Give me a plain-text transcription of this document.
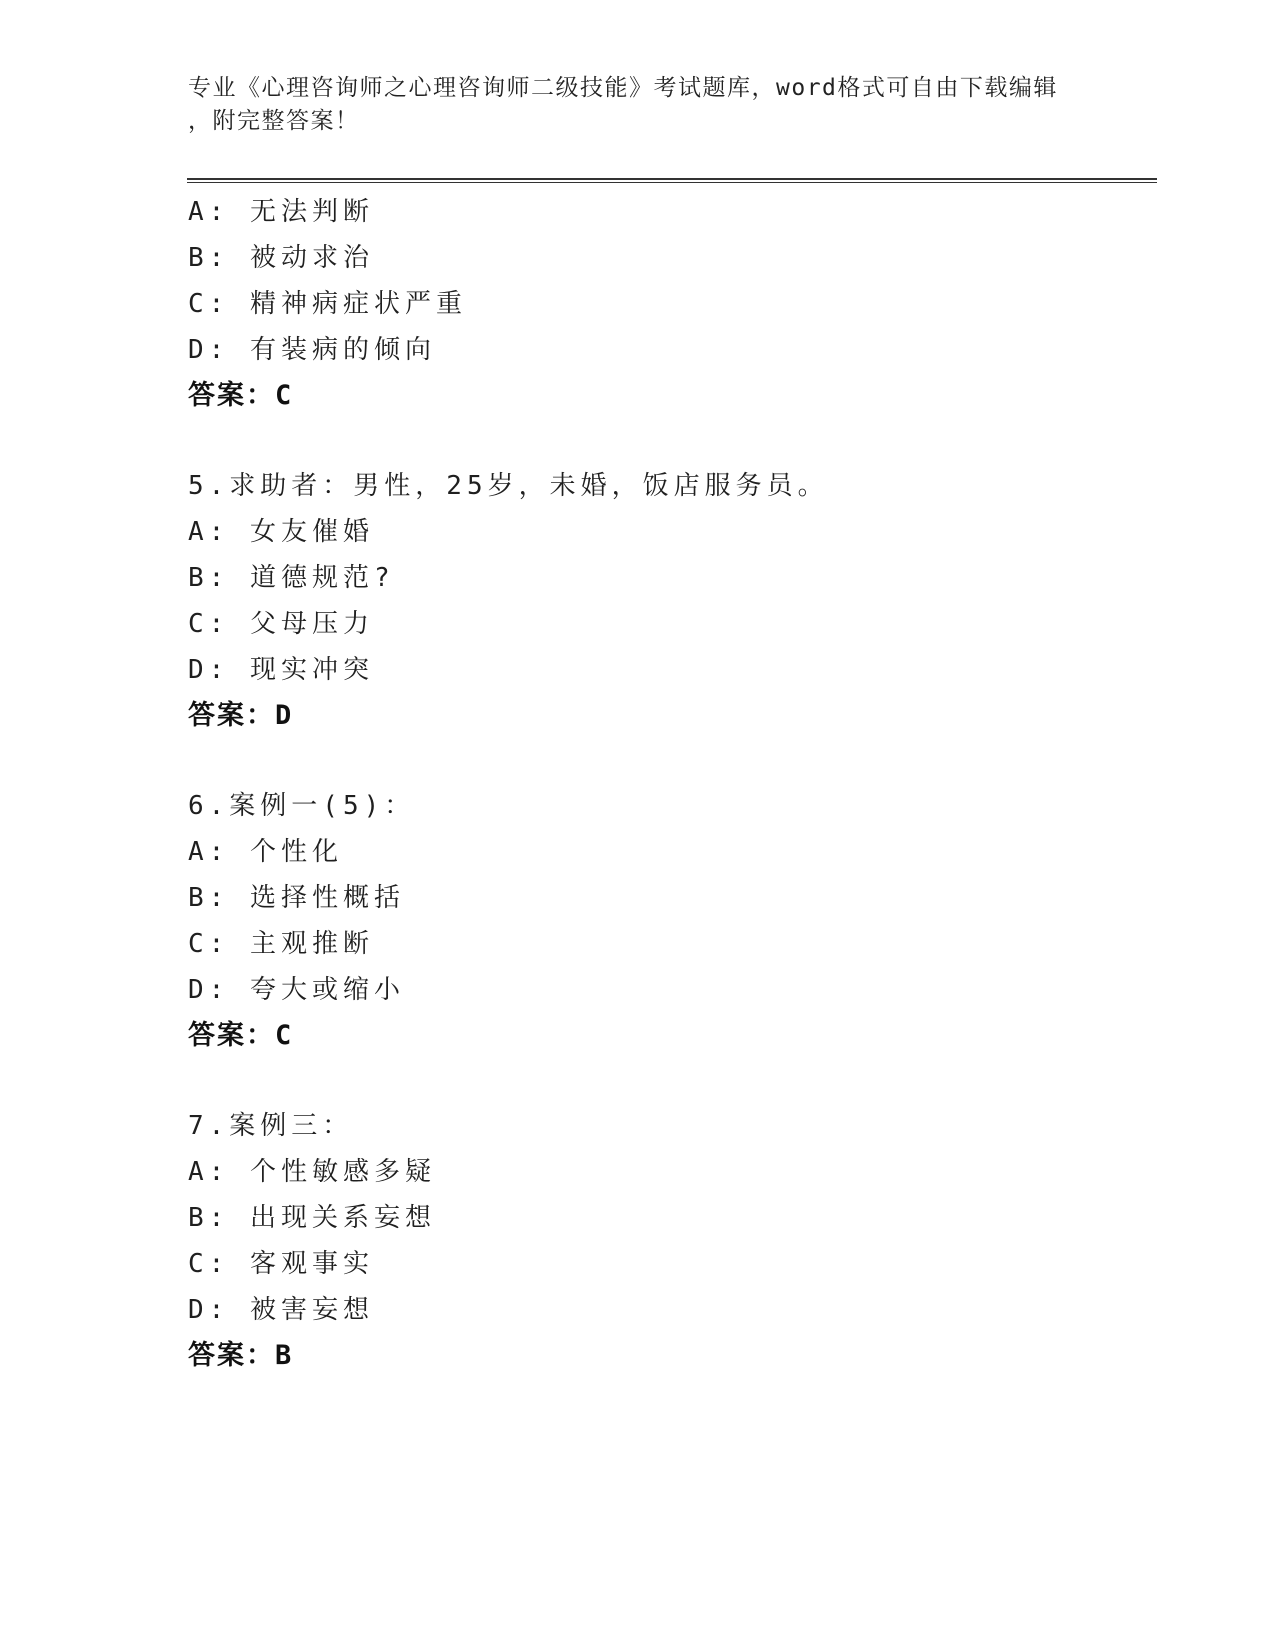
专业《心理咨询师之心理咨询师二级技能》考试题库，word格式可自由下载编辑
，附完整答案！
A: 无法判断
B: 被动求治
C: 精神病症状严重
D: 有装病的倾向
答案：C
5.求助者：男性，25岁，未婚，饭店服务员。
A: 女友催婚
B: 道德规范?
C: 父母压力
D: 现实冲突
答案：D
6.案例一(5)：
A: 个性化
B: 选择性概括
C: 主观推断
D: 夸大或缩小
答案：C
7.案例三：
A: 个性敏感多疑
B: 出现关系妄想
C: 客观事实
D: 被害妄想
答案：B
